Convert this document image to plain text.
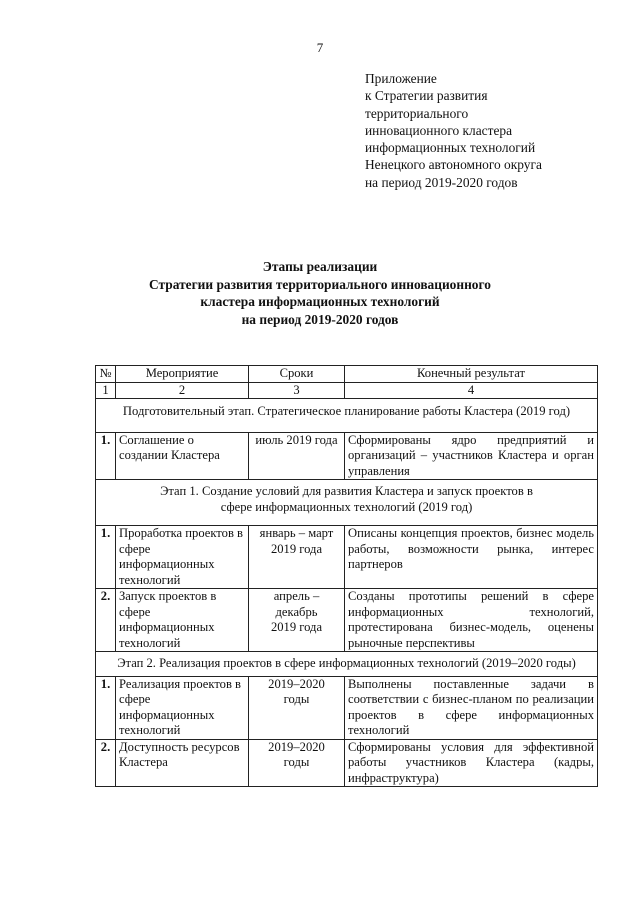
7
Приложение
к Стратегии развития
территориального
инновационного кластера
информационных технологий
Ненецкого автономного округа
на период 2019-2020 годов
Этапы реализации
Стратегии развития территориального инновационного
кластера информационных технологий
на период 2019-2020 годов
№	Мероприятие	Сроки	Конечный результат
1	2	3	4
Подготовительный этап. Стратегическое планирование работы Кластера (2019 год)			
1.	Соглашение о создании Кластера	июль 2019 года	Сформированы ядро предприятий и организаций – участников Кластера и орган управления
Этап 1. Создание условий для развития Кластера и запуск проектов в сфере информационных технологий (2019 год)			
1.	Проработка проектов в сфере информационных технологий	январь – март 2019 года	Описаны концепция проектов, бизнес модель работы, возможности рынка, интерес партнеров
2.	Запуск проектов в сфере информационных технологий	апрель – декабрь 2019 года	Созданы прототипы решений в сфере информационных технологий, протестирована бизнес-модель, оценены рыночные перспективы
Этап 2. Реализация проектов в сфере информационных технологий (2019–2020 годы)			
1.	Реализация проектов в сфере информационных технологий	2019–2020 годы	Выполнены поставленные задачи в соответствии с бизнес-планом по реализации проектов в сфере информационных технологий
2.	Доступность ресурсов Кластера	2019–2020 годы	Сформированы условия для эффективной работы участников Кластера (кадры, инфраструктура)
